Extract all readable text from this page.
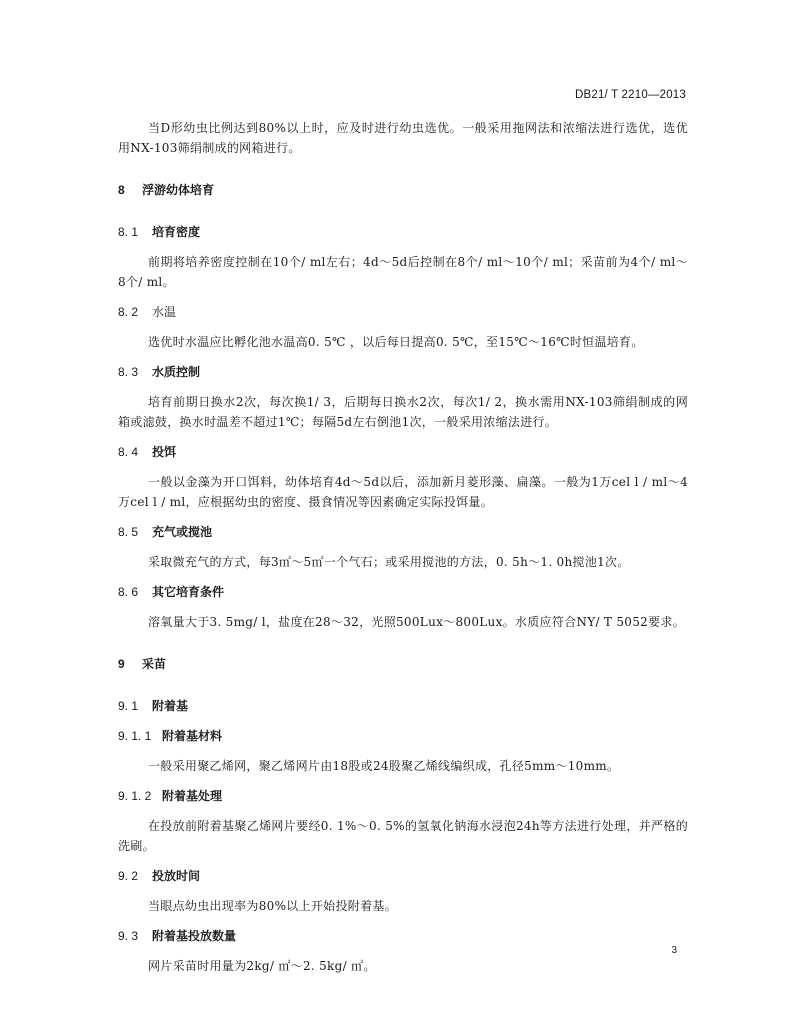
DB21/ T 2210—2013

当D形幼虫比例达到80%以上时，应及时进行幼虫选优。一般采用拖网法和浓缩法进行选优，选优用NX-103筛绢制成的网箱进行。

8 浮游幼体培育
8. 1 培育密度

前期将培养密度控制在10个/ ml左右；4d～5d后控制在8个/ ml～10个/ ml；采苗前为4个/ ml～8个/ ml。

8. 2 水温

选优时水温应比孵化池水温高0. 5℃ ，以后每日提高0. 5℃，至15℃～16℃时恒温培育。

8. 3 水质控制

培育前期日换水2次，每次换1/ 3，后期每日换水2次，每次1/ 2，换水需用NX-103筛绢制成的网箱或滤鼓，换水时温差不超过1℃；每隔5d左右倒池1次，一般采用浓缩法进行。

8. 4 投饵

一般以金藻为开口饵料，幼体培育4d～5d以后，添加新月菱形藻、扁藻。一般为1万cel l / ml～4万cel l / ml，应根据幼虫的密度、摄食情况等因素确定实际投饵量。

8. 5 充气或搅池

采取微充气的方式，每3㎡～5㎡一个气石；或采用搅池的方法，0. 5h～1. 0h搅池1次。

8. 6 其它培育条件

溶氧量大于3. 5mg/ l，盐度在28～32，光照500Lux～800Lux。水质应符合NY/ T 5052要求。

9 采苗
9. 1 附着基
9. 1. 1 附着基材料

一般采用聚乙烯网，聚乙烯网片由18股或24股聚乙烯线编织成，孔径5mm～10mm。

9. 1. 2 附着基处理

在投放前附着基聚乙烯网片要经0. 1%～0. 5%的氢氧化钠海水浸泡24h等方法进行处理，并严格的洗刷。

9. 2 投放时间

当眼点幼虫出现率为80%以上开始投附着基。

9. 3 附着基投放数量

网片采苗时用量为2kg/ ㎡～2. 5kg/ ㎡。

3
